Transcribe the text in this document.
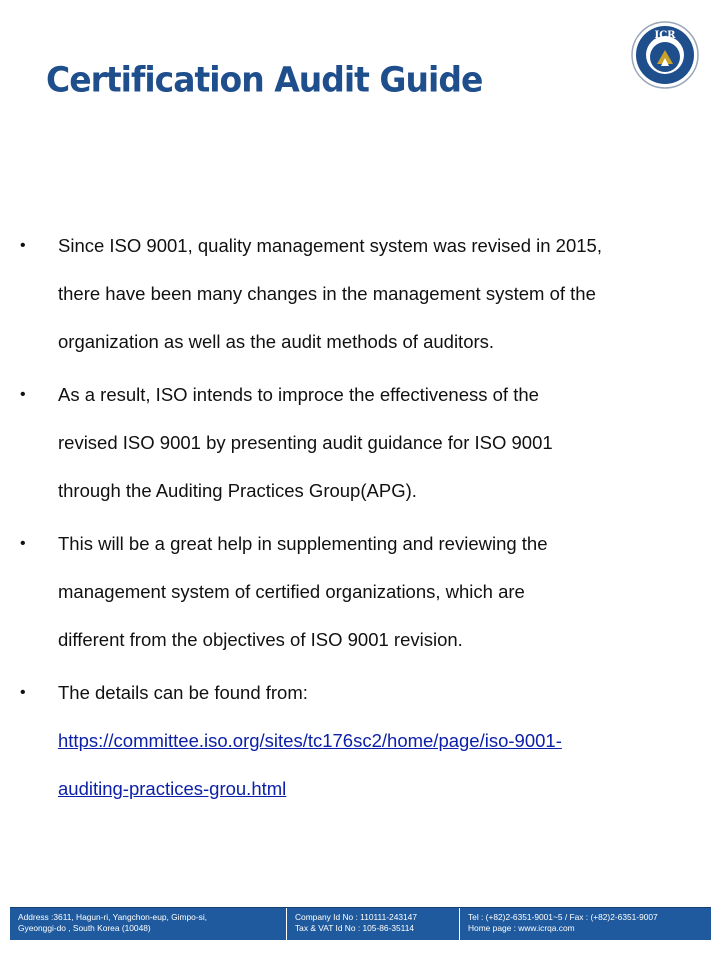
Certification Audit Guide
ICR
•	Since ISO 9001, quality management system was revised in 2015,
there have been many changes in the management system of the
organization as well as the audit methods of auditors.
•	As a result, ISO intends to improce the effectiveness of the
revised ISO 9001 by presenting audit guidance for ISO 9001
through the Auditing Practices Group(APG).
•	This will be a great help in supplementing and reviewing the
management system of certified organizations, which are
different from the objectives of ISO 9001 revision.
•	The details can be found from:
https://committee.iso.org/sites/tc176sc2/home/page/iso-9001-
auditing-practices-grou.html
Address :3611, Hagun-ri, Yangchon-eup, Gimpo-si,
Gyeonggi-do , South Korea (10048)
Company Id No : 110111-243147
Tax & VAT Id No : 105-86-35114
Tel : (+82)2-6351-9001~5 / Fax : (+82)2-6351-9007
Home page : www.icrqa.com
